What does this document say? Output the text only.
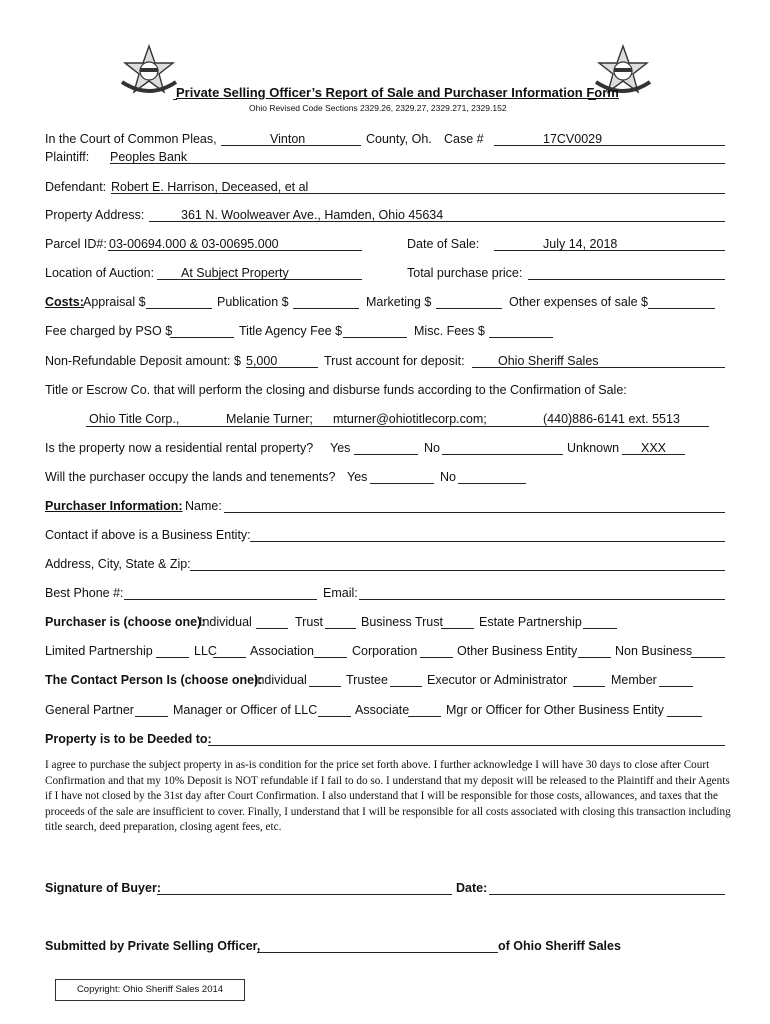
Private Selling Officer’s Report of Sale and Purchaser Information Form
Ohio Revised Code Sections 2329.26, 2329.27, 2329.271, 2329.152
In the Court of Common Pleas,	Vinton	County, Oh. Case #	17CV0029
Plaintiff: Peoples Bank
Defendant: Robert E. Harrison, Deceased, et al
Property Address:	361 N. Woolweaver Ave., Hamden, Ohio 45634
Parcel ID#: 03-00694.000 & 03-00695.000	Date of Sale:	July 14, 2018
Location of Auction: At Subject Property	Total purchase price:
Costs: Appraisal $	Publication $	Marketing $	Other expenses of sale $
Fee charged by PSO $	Title Agency Fee $	Misc. Fees $
Non-Refundable Deposit amount: $ 5,000	Trust account for deposit:	Ohio Sheriff Sales
Title or Escrow Co. that will perform the closing and disburse funds according to the Confirmation of Sale:
Ohio Title Corp.,	Melanie Turner; mturner@ohiotitlecorp.com;	(440)886-6141 ext. 5513
Is the property now a residential rental property? Yes	No	Unknown XXX
Will the purchaser occupy the lands and tenements? Yes	No
Purchaser Information: Name:
Contact if above is a Business Entity:
Address, City, State & Zip:
Best Phone #:	Email:
Purchaser is (choose one):
Individual	Trust	Business Trust	Estate Partnership
Limited Partnership	LLC	Association	Corporation	Other Business Entity	Non Business
The Contact Person Is (choose one):
Individual	Trustee	Executor or Administrator	Member
General Partner	Manager or Officer of LLC	Associate	Mgr or Officer for Other Business Entity
Property is to be Deeded to:
I agree to purchase the subject property in as-is condition for the price set forth above. I further acknowledge I will have 30 days to close after Court Confirmation and that my 10% Deposit is NOT refundable if I fail to do so. I understand that my deposit will be released to the Plaintiff and their Agents if I have not closed by the 31st day after Court Confirmation. I also understand that I will be responsible for those costs, allowances, and taxes that the proceeds of the sale are insufficient to cover. Finally, I understand that I will be responsible for all costs associated with closing this transaction including title search, deed preparation, closing agent fees, etc.
Signature of Buyer:	Date:
Submitted by Private Selling Officer,	of Ohio Sheriff Sales
Copyright: Ohio Sheriff Sales 2014
